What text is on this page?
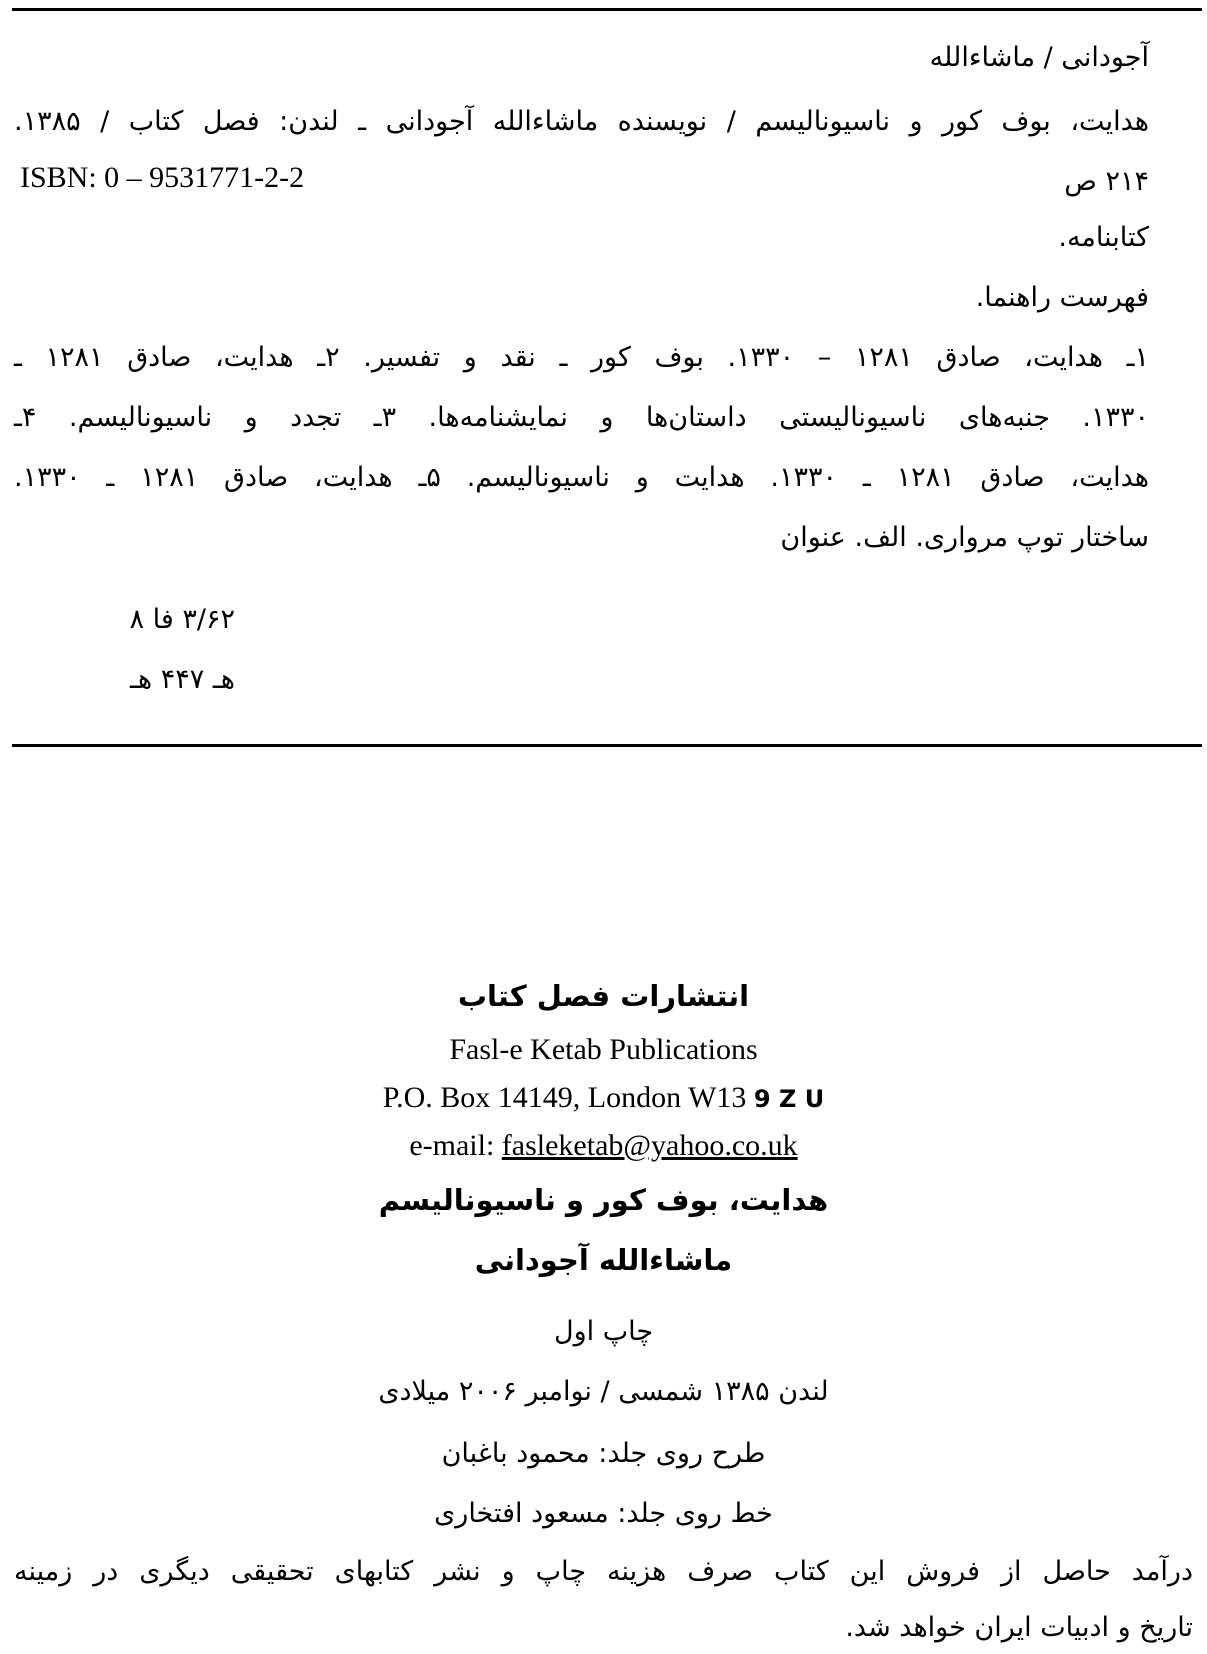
آجودانی / ماشاءالله
هدایت، بوف کور و ناسیونالیسم / نویسنده ماشاءالله آجودانی ـ لندن: فصل کتاب / ۱۳۸۵.
ISBN: 0 – 9531771-2-2	۲۱۴ ص
کتابنامه.
فهرست راهنما.
۱ـ هدایت، صادق ۱۲۸۱ – ۱۳۳۰. بوف کور ـ نقد و تفسیر. ۲ـ هدایت، صادق ۱۲۸۱ ـ
۱۳۳۰. جنبه‌های ناسیونالیستی داستان‌ها و نمایشنامه‌ها. ۳ـ تجدد و ناسیونالیسم. ۴ـ
هدایت، صادق ۱۲۸۱ ـ ۱۳۳۰. هدایت و ناسیونالیسم. ۵ـ هدایت، صادق ۱۲۸۱ ـ ۱۳۳۰.
ساختار توپ مرواری. الف. عنوان
۳/۶۲ فا ۸
هـ ۴۴۷ هـ
انتشارات فصل کتاب
Fasl-e Ketab Publications
P.O. Box 14149, London W13 9 Z U
e-mail: fasleketab@yahoo.co.uk
هدایت، بوف کور و ناسیونالیسم
ماشاءالله آجودانی
چاپ اول
لندن ۱۳۸۵ شمسی / نوامبر ۲۰۰۶ میلادی
طرح روی جلد: محمود باغبان
خط روی جلد: مسعود افتخاری
درآمد حاصل از فروش این کتاب صرف هزینه چاپ و نشر کتابهای تحقیقی دیگری در زمینه
تاریخ و ادبیات ایران خواهد شد.
